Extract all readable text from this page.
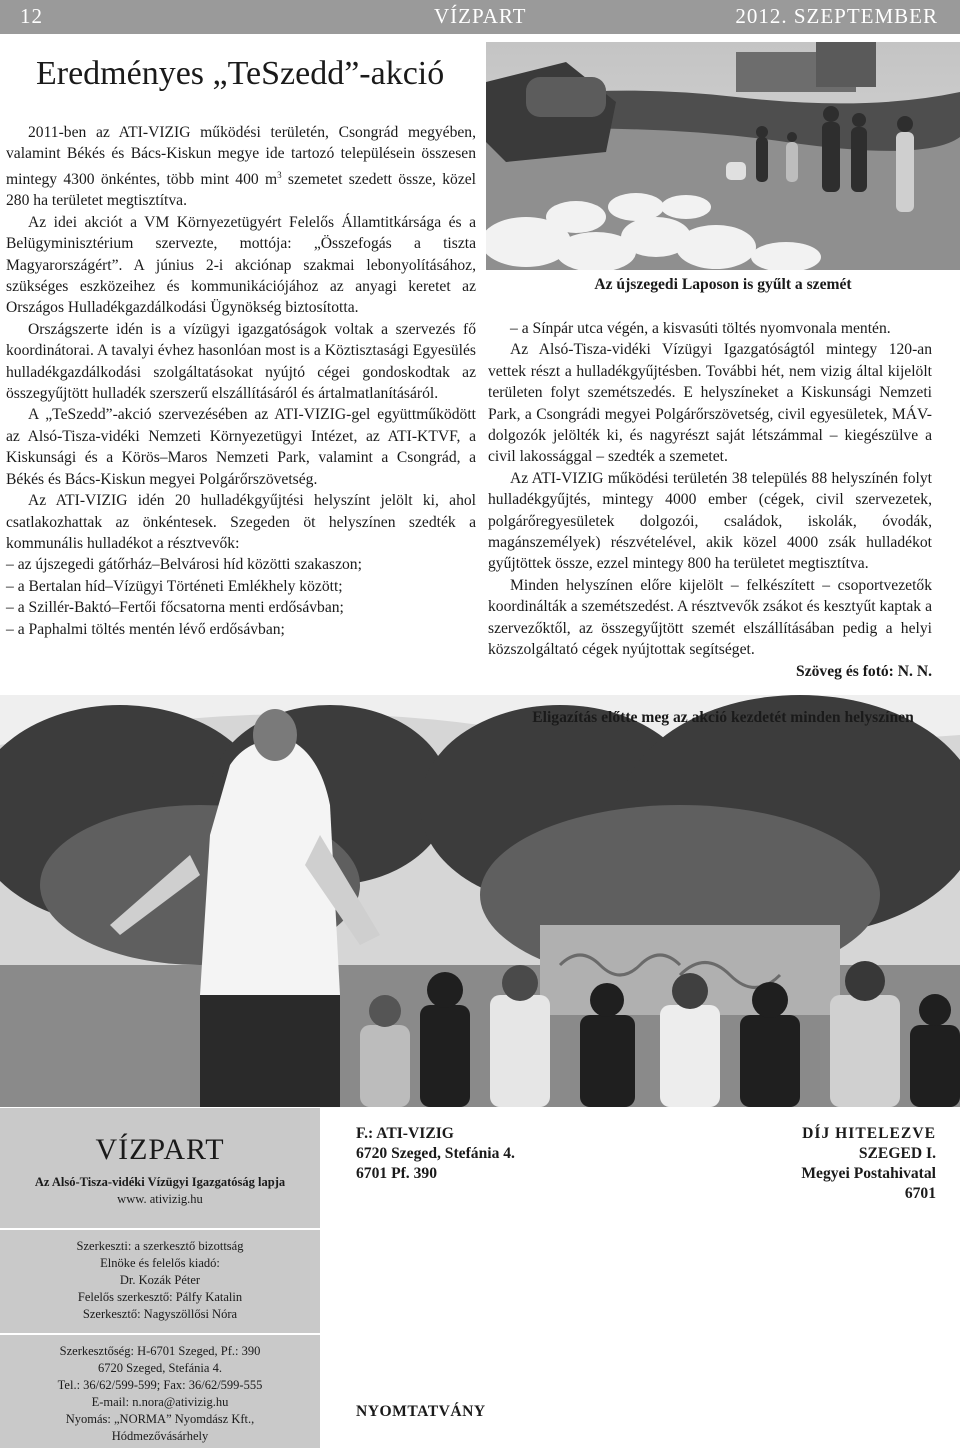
12	VÍZPART	2012. SZEPTEMBER
Eredményes „TeSzedd”-akció

2011-ben az ATI-VIZIG működési területén, Csongrád megyében, valamint Békés és Bács-Kiskun megye ide tartozó településein összesen mintegy 4300 önkéntes, több mint 400 $m^3$ szemetet szedett össze, közel 280 ha területet megtisztítva.

Az idei akciót a VM Környezetügyért Felelős Államtitkársága és a Belügyminisztérium szervezte, mottója: „Összefogás a tiszta Magyarországért”. A június 2-i akciónap szakmai lebonyolításához, szükséges eszközeihez és kommunikációjához az anyagi keretet az Országos Hulladékgazdálkodási Ügynökség biztosította.

Országszerte idén is a vízügyi igazgatóságok voltak a szervezés fő koordinátorai. A tavalyi évhez hasonlóan most is a Köztisztasági Egyesülés hulladékgazdálkodási szolgáltatásokat nyújtó cégei gondoskodtak az összegyűjtött hulladék szerszerű elszállításáról és ártalmatlanításáról.

A „TeSzedd”-akció szervezésében az ATI-VIZIG-gel együttműködött az Alsó-Tisza-vidéki Nemzeti Környezetügyi Intézet, az ATI-KTVF, a Kiskunsági és a Körös–Maros Nemzeti Park, valamint a Csongrád, a Békés és Bács-Kiskun megyei Polgárőrszövetség.

Az ATI-VIZIG idén 20 hulladékgyűjtési helyszínt jelölt ki, ahol csatlakozhattak az önkéntesek. Szegeden öt helyszínen szedték a kommunális hulladékot a résztvevők:

– az újszegedi gátőrház–Belvárosi híd közötti szakaszon;
– a Bertalan híd–Vízügyi Történeti Emlékhely között;
– a Szillér-Baktó–Fertői főcsatorna menti erdősávban;
– a Paphalmi töltés mentén lévő erdősávban;
Az újszegedi Laposon is gyűlt a szemét
– a Sínpár utca végén, a kisvasúti töltés nyomvonala mentén.

Az Alsó-Tisza-vidéki Vízügyi Igazgatóságtól mintegy 120-an vettek részt a hulladékgyűjtésben. További hét, nem vizig által kijelölt területen folyt szemétszedés. E helyszíneket a Kiskunsági Nemzeti Park, a Csongrádi megyei Polgárőrszövetség, civil egyesületek, MÁV-dolgozók jelölték ki, és nagyrészt saját létszámmal – kiegészülve a civil lakossággal – szedték a szemetet.

Az ATI-VIZIG működési területén 38 település 88 helyszínén folyt hulladékgyűjtés, mintegy 4000 ember (cégek, civil szervezetek, polgárőregyesületek dolgozói, családok, iskolák, óvodák, magánszemélyek) részvételével, akik közel 4000 zsák hulladékot gyűjtöttek össze, ezzel mintegy 800 ha területet megtisztítva.

Minden helyszínen előre kijelölt – felkészített – csoportvezetők koordinálták a szemétszedést. A résztvevők zsákot és kesztyűt kaptak a szervezőktől, az összegyűjtött szemét elszállításában pedig a helyi közszolgáltató cégek nyújtottak segítséget.

Szöveg és fotó: N. N.

Eligazítás előtte meg az akció kezdetét minden helyszínen
VÍZPART
Az Alsó-Tisza-vidéki Vízügyi Igazgatóság lapja
www. ativizig.hu
Szerkeszti: a szerkesztő bizottság
Elnöke és felelős kiadó:
Dr. Kozák Péter
Felelős szerkesztő: Pálfy Katalin
Szerkesztő: Nagyszöllősi Nóra
Szerkesztőség: H-6701 Szeged, Pf.: 390
6720 Szeged, Stefánia 4.
Tel.: 36/62/599-599; Fax: 36/62/599-555
E-mail: n.nora@ativizig.hu
Nyomás: „NORMA” Nyomdász Kft.,
Hódmezővásárhely
F.: ATI-VIZIG
6720 Szeged, Stefánia 4.
6701 Pf. 390
DÍJ HITELEZVE
SZEGED I.
Megyei Postahivatal
6701
NYOMTATVÁNY
